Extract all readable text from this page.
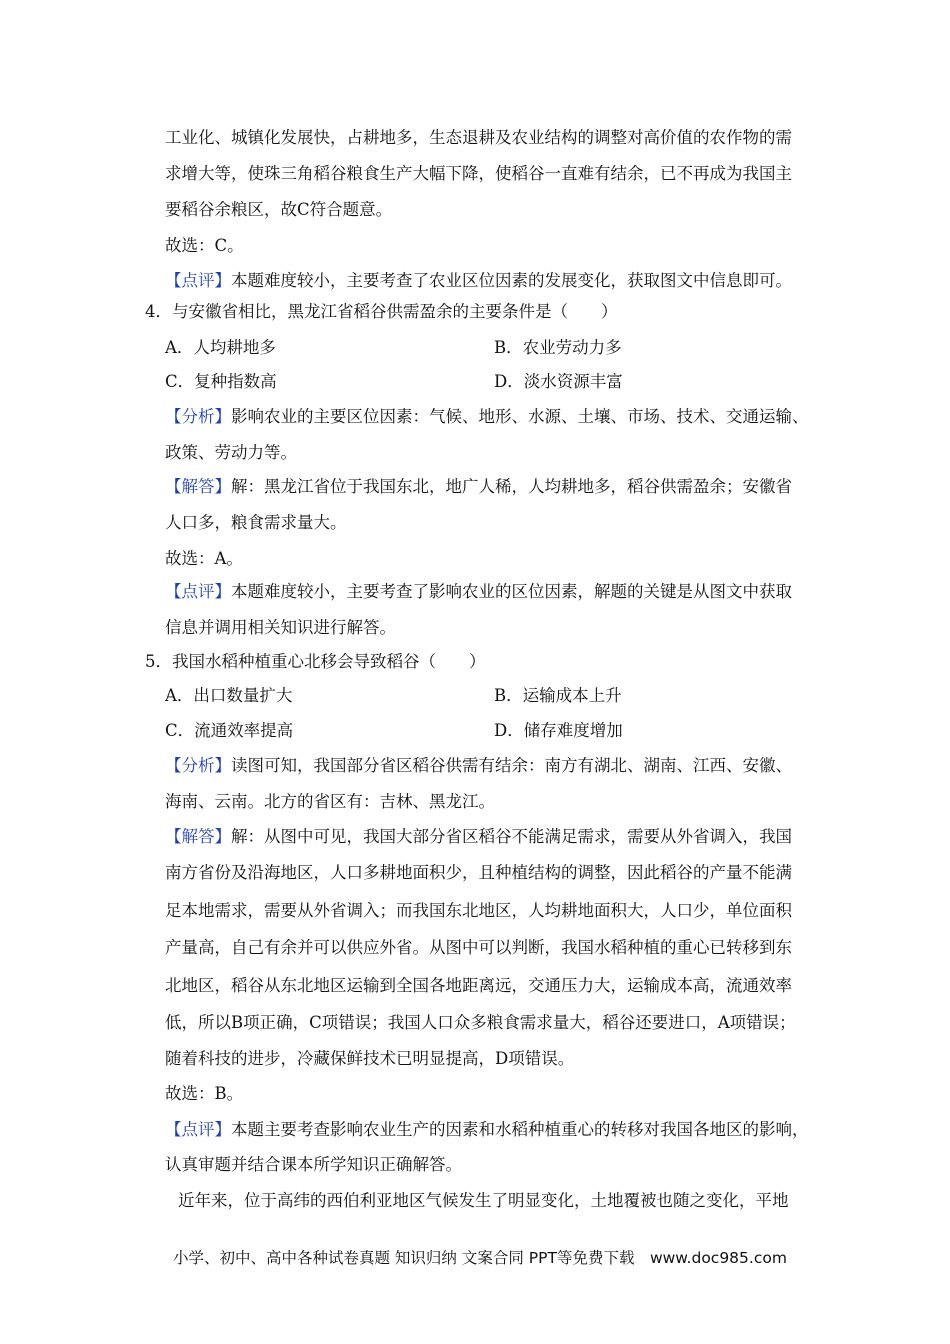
工业化、城镇化发展快，占耕地多，生态退耕及农业结构的调整对高价值的农作物的需
求增大等，使珠三角稻谷粮食生产大幅下降，使稻谷一直难有结余，已不再成为我国主
要稻谷余粮区，故C符合题意。
故选：C。
【点评】本题难度较小，主要考查了农业区位因素的发展变化，获取图文中信息即可。
4．与安徽省相比，黑龙江省稻谷供需盈余的主要条件是（　　）
A．人均耕地多	B．农业劳动力多
C．复种指数高	D．淡水资源丰富
【分析】影响农业的主要区位因素：气候、地形、水源、土壤、市场、技术、交通运输、
政策、劳动力等。
【解答】解：黑龙江省位于我国东北，地广人稀，人均耕地多，稻谷供需盈余；安徽省
人口多，粮食需求量大。
故选：A。
【点评】本题难度较小，主要考查了影响农业的区位因素，解题的关键是从图文中获取
信息并调用相关知识进行解答。
5．我国水稻种植重心北移会导致稻谷（　　）
A．出口数量扩大	B．运输成本上升
C．流通效率提高	D．储存难度增加
【分析】读图可知，我国部分省区稻谷供需有结余：南方有湖北、湖南、江西、安徽、
海南、云南。北方的省区有：吉林、黑龙江。
【解答】解：从图中可见，我国大部分省区稻谷不能满足需求，需要从外省调入，我国
南方省份及沿海地区，人口多耕地面积少，且种植结构的调整，因此稻谷的产量不能满
足本地需求，需要从外省调入；而我国东北地区，人均耕地面积大，人口少，单位面积
产量高，自己有余并可以供应外省。从图中可以判断，我国水稻种植的重心已转移到东
北地区，稻谷从东北地区运输到全国各地距离远，交通压力大，运输成本高，流通效率
低，所以B项正确，C项错误；我国人口众多粮食需求量大，稻谷还要进口，A项错误；
随着科技的进步，冷藏保鲜技术已明显提高，D项错误。
故选：B。
【点评】本题主要考查影响农业生产的因素和水稻种植重心的转移对我国各地区的影响，
认真审题并结合课本所学知识正确解答。
近年来，位于高纬的西伯利亚地区气候发生了明显变化，土地覆被也随之变化，平地
小学、初中、高中各种试卷真题 知识归纳 文案合同 PPT等免费下载　www.doc985.com
